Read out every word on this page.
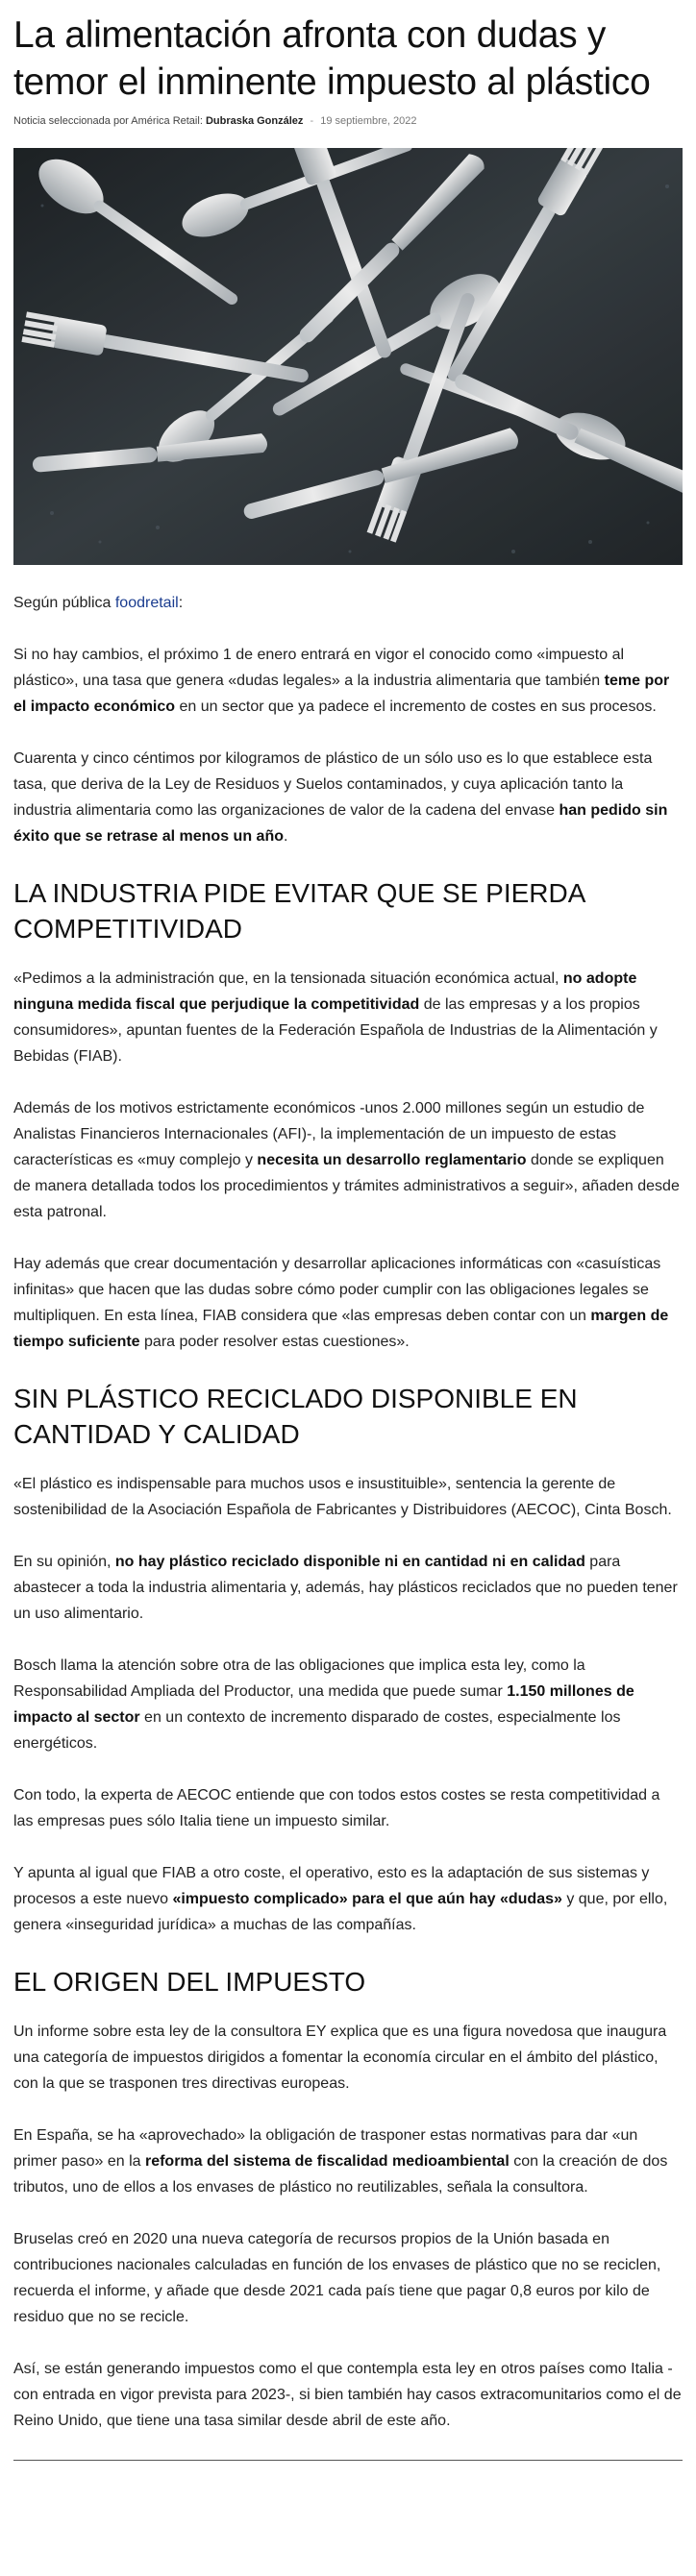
La alimentación afronta con dudas y temor el inminente impuesto al plástico
Noticia seleccionada por América Retail: Dubraska González - 19 septiembre, 2022

Según pública foodretail:

Si no hay cambios, el próximo 1 de enero entrará en vigor el conocido como «impuesto al plástico», una tasa que genera «dudas legales» a la industria alimentaria que también teme por el impacto económico en un sector que ya padece el incremento de costes en sus procesos.

Cuarenta y cinco céntimos por kilogramos de plástico de un sólo uso es lo que establece esta tasa, que deriva de la Ley de Residuos y Suelos contaminados, y cuya aplicación tanto la industria alimentaria como las organizaciones de valor de la cadena del envase han pedido sin éxito que se retrase al menos un año.

LA INDUSTRIA PIDE EVITAR QUE SE PIERDA COMPETITIVIDAD

«Pedimos a la administración que, en la tensionada situación económica actual, no adopte ninguna medida fiscal que perjudique la competitividad de las empresas y a los propios consumidores», apuntan fuentes de la Federación Española de Industrias de la Alimentación y Bebidas (FIAB).

Además de los motivos estrictamente económicos -unos 2.000 millones según un estudio de Analistas Financieros Internacionales (AFI)-, la implementación de un impuesto de estas características es «muy complejo y necesita un desarrollo reglamentario donde se expliquen de manera detallada todos los procedimientos y trámites administrativos a seguir», añaden desde esta patronal.

Hay además que crear documentación y desarrollar aplicaciones informáticas con «casuísticas infinitas» que hacen que las dudas sobre cómo poder cumplir con las obligaciones legales se multipliquen. En esta línea, FIAB considera que «las empresas deben contar con un margen de tiempo suficiente para poder resolver estas cuestiones».

SIN PLÁSTICO RECICLADO DISPONIBLE EN CANTIDAD Y CALIDAD

«El plástico es indispensable para muchos usos e insustituible», sentencia la gerente de sostenibilidad de la Asociación Española de Fabricantes y Distribuidores (AECOC), Cinta Bosch.

En su opinión, no hay plástico reciclado disponible ni en cantidad ni en calidad para abastecer a toda la industria alimentaria y, además, hay plásticos reciclados que no pueden tener un uso alimentario.

Bosch llama la atención sobre otra de las obligaciones que implica esta ley, como la Responsabilidad Ampliada del Productor, una medida que puede sumar 1.150 millones de impacto al sector en un contexto de incremento disparado de costes, especialmente los energéticos.

Con todo, la experta de AECOC entiende que con todos estos costes se resta competitividad a las empresas pues sólo Italia tiene un impuesto similar.

Y apunta al igual que FIAB a otro coste, el operativo, esto es la adaptación de sus sistemas y procesos a este nuevo «impuesto complicado» para el que aún hay «dudas» y que, por ello, genera «inseguridad jurídica» a muchas de las compañías.

EL ORIGEN DEL IMPUESTO

Un informe sobre esta ley de la consultora EY explica que es una figura novedosa que inaugura una categoría de impuestos dirigidos a fomentar la economía circular en el ámbito del plástico, con la que se trasponen tres directivas europeas.

En España, se ha «aprovechado» la obligación de trasponer estas normativas para dar «un primer paso» en la reforma del sistema de fiscalidad medioambiental con la creación de dos tributos, uno de ellos a los envases de plástico no reutilizables, señala la consultora.

Bruselas creó en 2020 una nueva categoría de recursos propios de la Unión basada en contribuciones nacionales calculadas en función de los envases de plástico que no se reciclen, recuerda el informe, y añade que desde 2021 cada país tiene que pagar 0,8 euros por kilo de residuo que no se recicle.

Así, se están generando impuestos como el que contempla esta ley en otros países como Italia -con entrada en vigor prevista para 2023-, si bien también hay casos extracomunitarios como el de Reino Unido, que tiene una tasa similar desde abril de este año.
